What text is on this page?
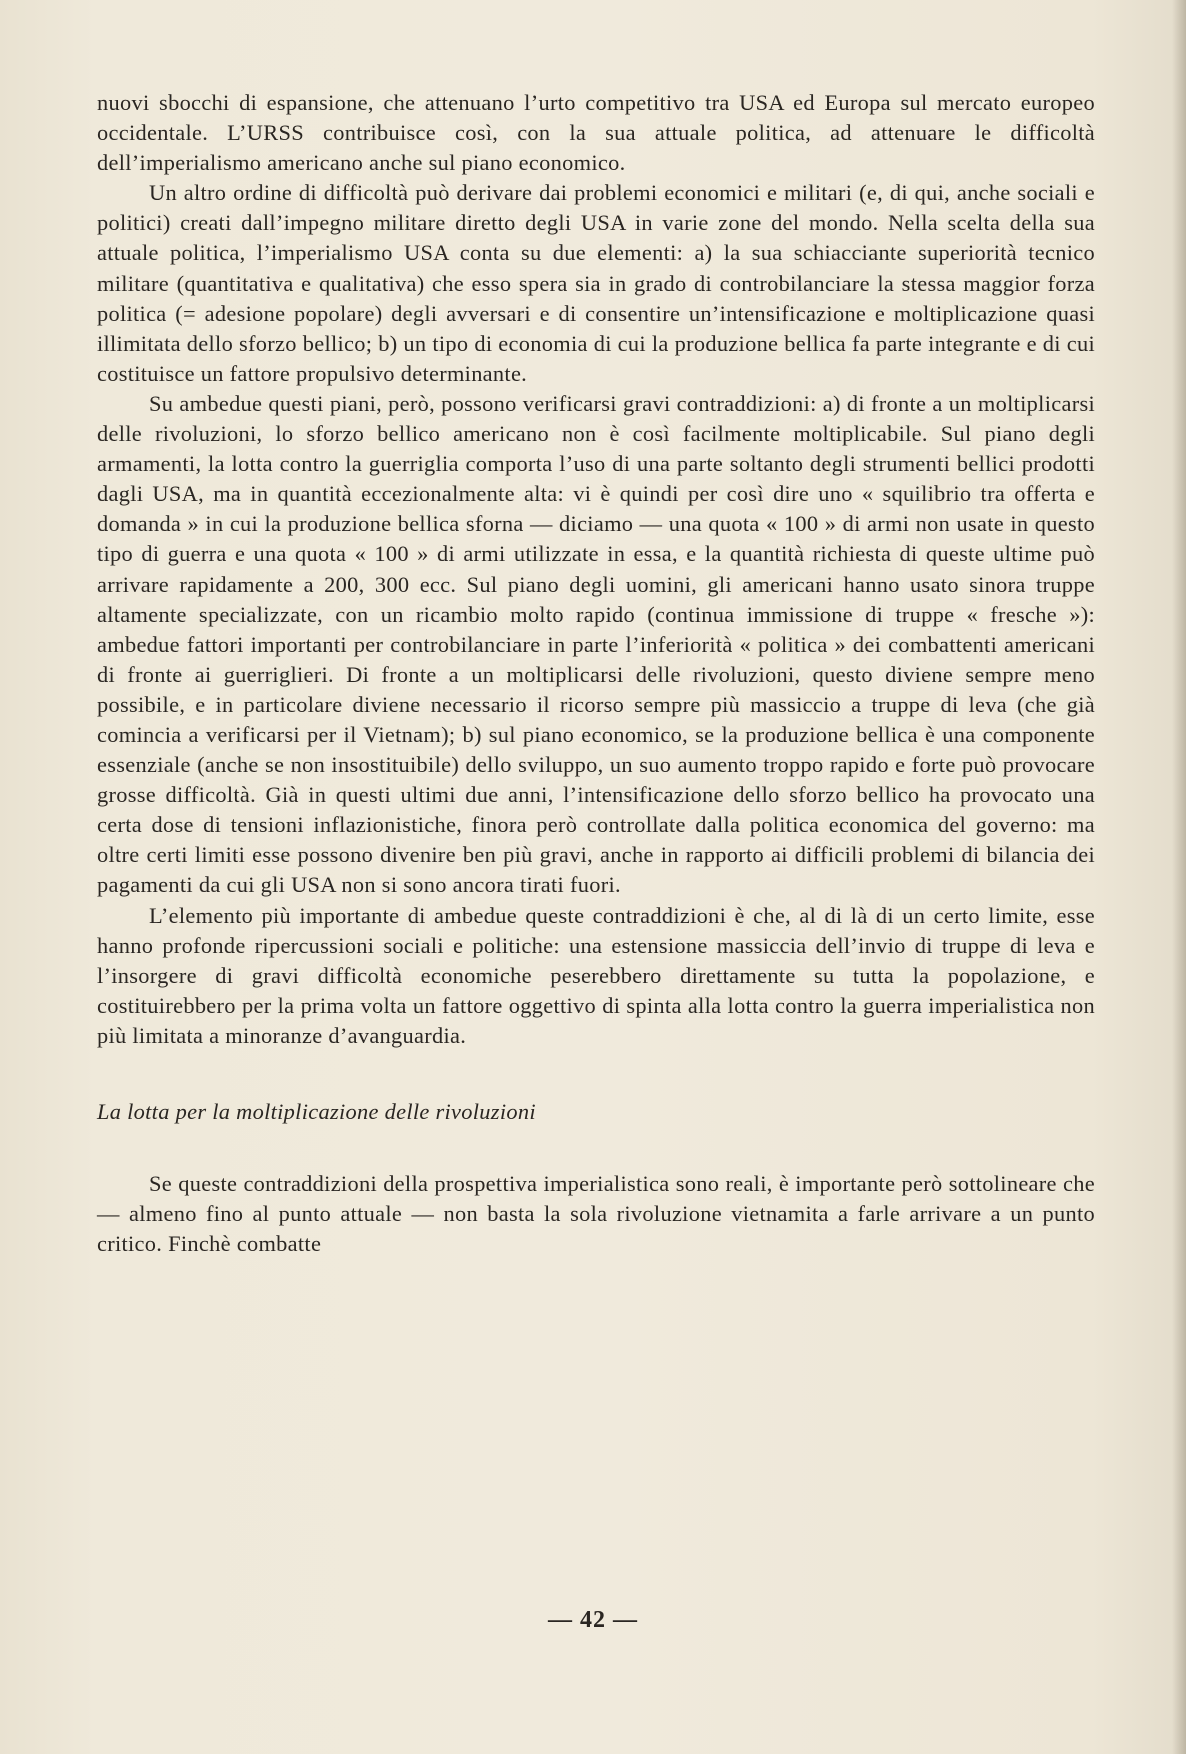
nuovi sbocchi di espansione, che attenuano l’urto competitivo tra USA ed Europa sul mercato europeo occidentale. L’URSS contribuisce così, con la sua attuale politica, ad attenuare le difficoltà dell’imperialismo americano anche sul piano economico.

Un altro ordine di difficoltà può derivare dai problemi economici e militari (e, di qui, anche sociali e politici) creati dall’impegno militare diretto degli USA in varie zone del mondo. Nella scelta della sua attuale politica, l’imperialismo USA conta su due elementi: a) la sua schiacciante superiorità tecnico militare (quantitativa e qualitativa) che esso spera sia in grado di controbilanciare la stessa maggior forza politica (= adesione popolare) degli avversari e di consentire un’intensificazione e moltiplicazione quasi illimitata dello sforzo bellico; b) un tipo di economia di cui la produzione bellica fa parte integrante e di cui costituisce un fattore propulsivo determinante.

Su ambedue questi piani, però, possono verificarsi gravi contraddizioni: a) di fronte a un moltiplicarsi delle rivoluzioni, lo sforzo bellico americano non è così facilmente moltiplicabile. Sul piano degli armamenti, la lotta contro la guerriglia comporta l’uso di una parte soltanto degli strumenti bellici prodotti dagli USA, ma in quantità eccezionalmente alta: vi è quindi per così dire uno « squilibrio tra offerta e domanda » in cui la produzione bellica sforna — diciamo — una quota « 100 » di armi non usate in questo tipo di guerra e una quota « 100 » di armi utilizzate in essa, e la quantità richiesta di queste ultime può arrivare rapidamente a 200, 300 ecc. Sul piano degli uomini, gli americani hanno usato sinora truppe altamente specializzate, con un ricambio molto rapido (continua immissione di truppe « fresche »): ambedue fattori importanti per controbilanciare in parte l’inferiorità « politica » dei combattenti americani di fronte ai guerriglieri. Di fronte a un moltiplicarsi delle rivoluzioni, questo diviene sempre meno possibile, e in particolare diviene necessario il ricorso sempre più massiccio a truppe di leva (che già comincia a verificarsi per il Vietnam); b) sul piano economico, se la produzione bellica è una componente essenziale (anche se non insostituibile) dello sviluppo, un suo aumento troppo rapido e forte può provocare grosse difficoltà. Già in questi ultimi due anni, l’intensificazione dello sforzo bellico ha provocato una certa dose di tensioni inflazionistiche, finora però controllate dalla politica economica del governo: ma oltre certi limiti esse possono divenire ben più gravi, anche in rapporto ai difficili problemi di bilancia dei pagamenti da cui gli USA non si sono ancora tirati fuori.

L’elemento più importante di ambedue queste contraddizioni è che, al di là di un certo limite, esse hanno profonde ripercussioni sociali e politiche: una estensione massiccia dell’invio di truppe di leva e l’insorgere di gravi difficoltà economiche peserebbero direttamente su tutta la popolazione, e costituirebbero per la prima volta un fattore oggettivo di spinta alla lotta contro la guerra imperialistica non più limitata a minoranze d’avanguardia.

La lotta per la moltiplicazione delle rivoluzioni

Se queste contraddizioni della prospettiva imperialistica sono reali, è importante però sottolineare che — almeno fino al punto attuale — non basta la sola rivoluzione vietnamita a farle arrivare a un punto critico. Finchè combatte

— 42 —
